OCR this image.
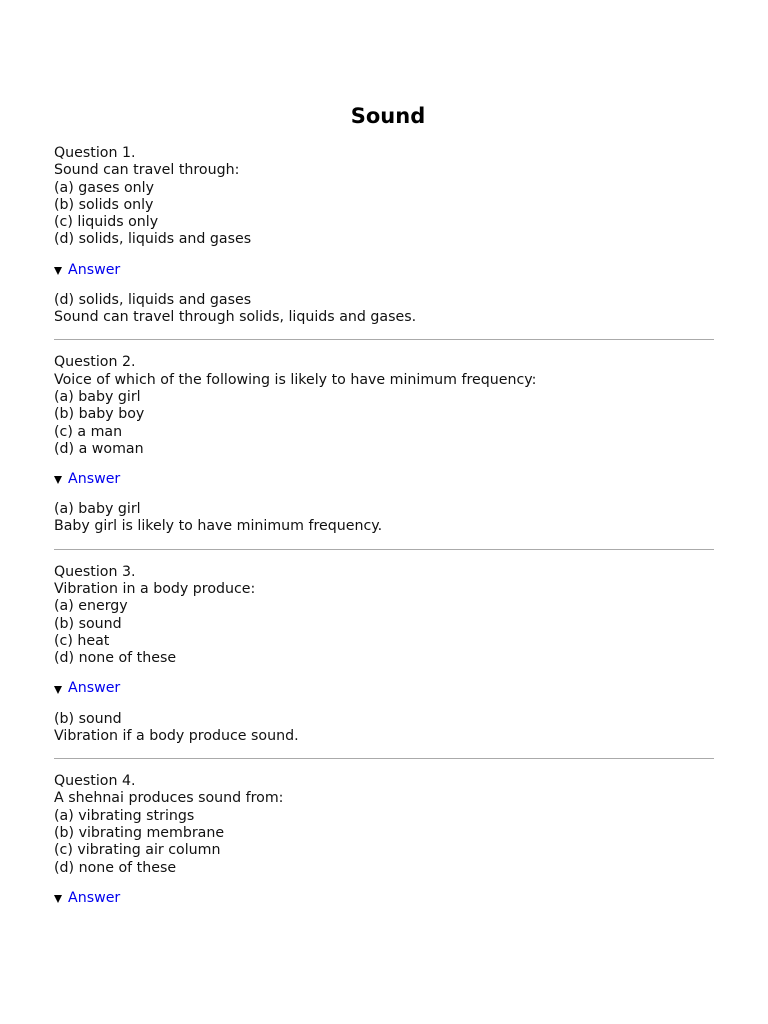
Sound
Question 1.
Sound can travel through:
(a) gases only
(b) solids only
(c) liquids only
(d) solids, liquids and gases
Answer
(d) solids, liquids and gases
Sound can travel through solids, liquids and gases.
Question 2.
Voice of which of the following is likely to have minimum frequency:
(a) baby girl
(b) baby boy
(c) a man
(d) a woman
Answer
(a) baby girl
Baby girl is likely to have minimum frequency.
Question 3.
Vibration in a body produce:
(a) energy
(b) sound
(c) heat
(d) none of these
Answer
(b) sound
Vibration if a body produce sound.
Question 4.
A shehnai produces sound from:
(a) vibrating strings
(b) vibrating membrane
(c) vibrating air column
(d) none of these
Answer
